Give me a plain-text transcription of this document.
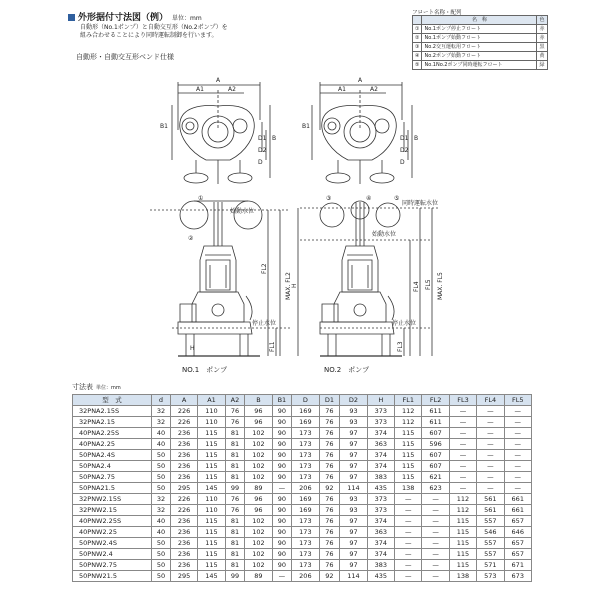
外形据付寸法図（例） 単位：mm
自動形（No.1ポンプ）と自動交互形（No.2ポンプ）を
組み合わせることにより同時運転制御を行います。
自動形・自動交互形ベンド仕様
フロート名称・配列
	名　称	色
①	No.1ポンプ停止フロート	赤
②	No.1ポンプ始動フロート	赤
③	No.2交互運転用フロート	黒
④	No.2ポンプ始動フロート	黄
⑤	No.1No.2ポンプ同時運転フロート	緑
A
A1	A2
B1
B
D1
D2
D
①
②
始動水位
停止水位
FL2
MAX. FL2
FL1
H
NO.1　ポンプ
A
A1	A2
B1
B
D1
D2
D
③	④	⑤
同時運転水位
始動水位
停止水位
FL4 FL5 MAX. FL5
FL3
H
NO.2　ポンプ
寸法表 単位：mm
型　式	d	A	A1	A2	B	B1	D	D1	D2	H	FL1	FL2	FL3	FL4	FL5
32PNA2.15S	32	226	110	76	96	90	169	76	93	373	112	611	—	—	—
32PNA2.15	32	226	110	76	96	90	169	76	93	373	112	611	—	—	—
40PNA2.25S	40	236	115	81	102	90	173	76	97	374	115	607	—	—	—
40PNA2.25	40	236	115	81	102	90	173	76	97	363	115	596	—	—	—
50PNA2.4S	50	236	115	81	102	90	173	76	97	374	115	607	—	—	—
50PNA2.4	50	236	115	81	102	90	173	76	97	374	115	607	—	—	—
50PNA2.75	50	236	115	81	102	90	173	76	97	383	115	621	—	—	—
50PNA21.5	50	295	145	99	89	—	206	92	114	435	138	623	—	—	—
32PNW2.15S	32	226	110	76	96	90	169	76	93	373	—	—	112	561	661
32PNW2.15	32	226	110	76	96	90	169	76	93	373	—	—	112	561	661
40PNW2.25S	40	236	115	81	102	90	173	76	97	374	—	—	115	557	657
40PNW2.25	40	236	115	81	102	90	173	76	97	363	—	—	115	546	646
50PNW2.4S	50	236	115	81	102	90	173	76	97	374	—	—	115	557	657
50PNW2.4	50	236	115	81	102	90	173	76	97	374	—	—	115	557	657
50PNW2.75	50	236	115	81	102	90	173	76	97	383	—	—	115	571	671
50PNW21.5	50	295	145	99	89	—	206	92	114	435	—	—	138	573	673
